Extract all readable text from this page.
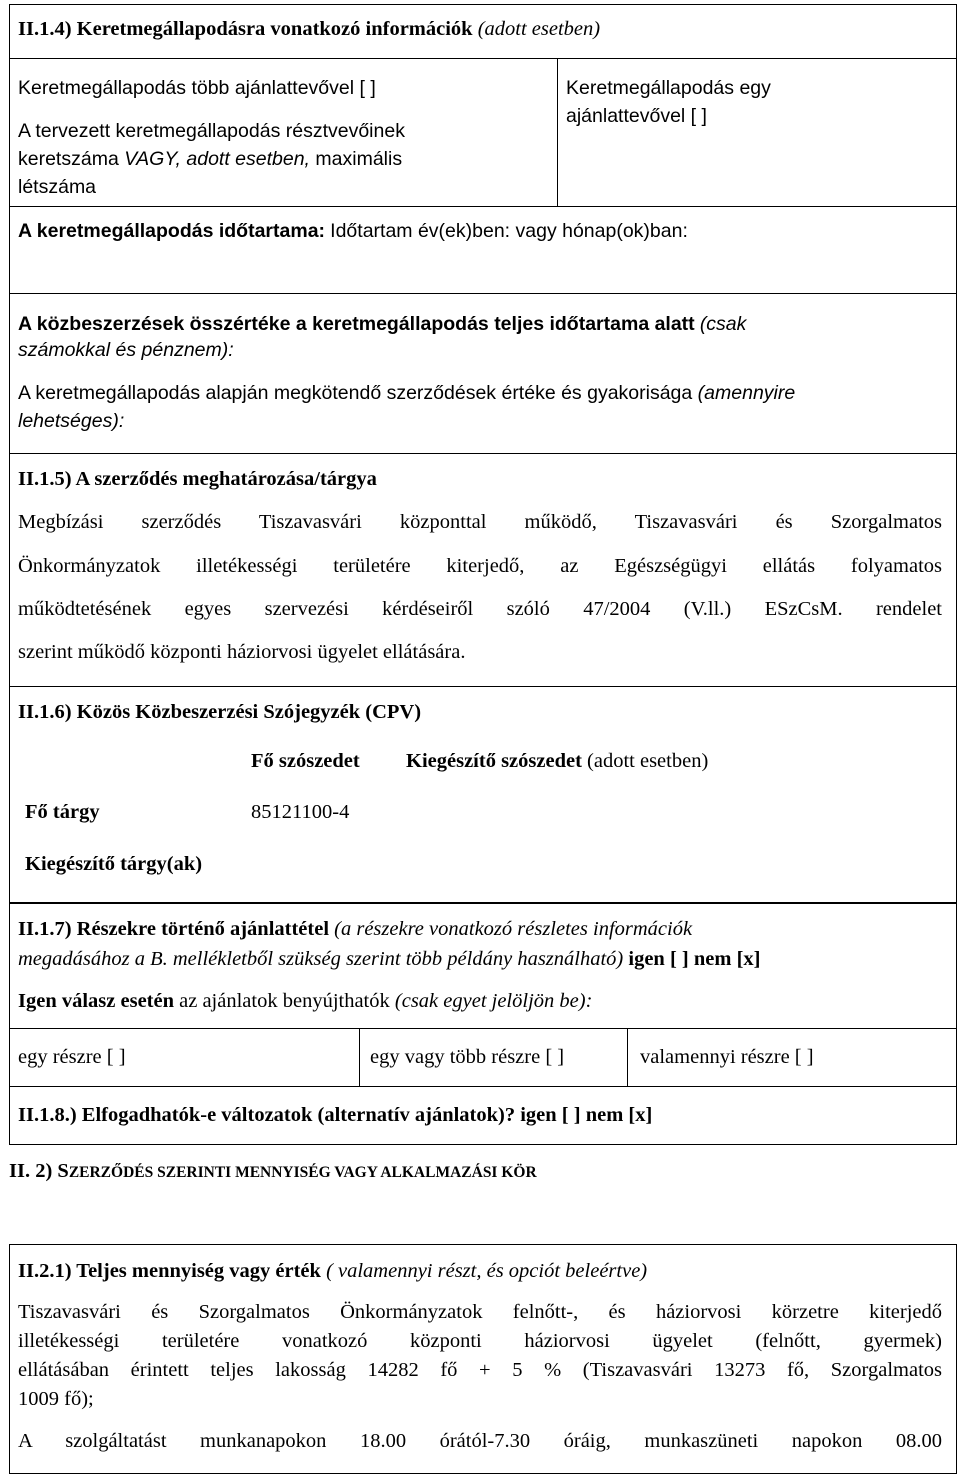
II.1.4) Keretmegállapodásra vonatkozó információk (adott esetben)
Keretmegállapodás több ajánlattevővel [ ]
A tervezett keretmegállapodás résztvevőinek
keretszáma VAGY, adott esetben, maximális
létszáma
Keretmegállapodás egy
ajánlattevővel [ ]
A keretmegállapodás időtartama: Időtartam év(ek)ben: vagy hónap(ok)ban:
A közbeszerzések összértéke a keretmegállapodás teljes időtartama alatt (csak
számokkal és pénznem):
A keretmegállapodás alapján megkötendő szerződések értéke és gyakorisága (amennyire
lehetséges):
II.1.5) A szerződés meghatározása/tárgya
Megbízási szerződés Tiszavasvári központtal működő, Tiszavasvári és Szorgalmatos
Önkormányzatok illetékességi területére kiterjedő, az Egészségügyi ellátás folyamatos
működtetésének egyes szervezési kérdéseiről szóló 47/2004 (V.ll.) ESzCsM. rendelet
szerint működő központi háziorvosi ügyelet ellátására.
II.1.6) Közös Közbeszerzési Szójegyzék (CPV)
Fő szószedet Kiegészítő szószedet (adott esetben)
Fő tárgy	85121100-4
Kiegészítő tárgy(ak)
II.1.7) Részekre történő ajánlattétel (a részekre vonatkozó részletes információk
megadásához a B. mellékletből szükség szerint több példány használható) igen [ ] nem [x]
Igen válasz esetén az ajánlatok benyújthatók (csak egyet jelöljön be):
egy részre [ ]	egy vagy több részre [ ]	valamennyi részre [ ]
II.1.8.) Elfogadhatók-e változatok (alternatív ajánlatok)? igen [ ] nem [x]
II. 2) SZERZŐDÉS SZERINTI MENNYISÉG VAGY ALKALMAZÁSI KÖR
II.2.1) Teljes mennyiség vagy érték ( valamennyi részt, és opciót beleértve)
Tiszavasvári és Szorgalmatos Önkormányzatok felnőtt-, és háziorvosi körzetre kiterjedő
illetékességi területére vonatkozó központi háziorvosi ügyelet (felnőtt, gyermek)
ellátásában érintett teljes lakosság 14282 fő + 5 % (Tiszavasvári 13273 fő, Szorgalmatos
1009 fő);
A szolgáltatást munkanapokon 18.00 órától-7.30 óráig, munkaszüneti napokon 08.00
